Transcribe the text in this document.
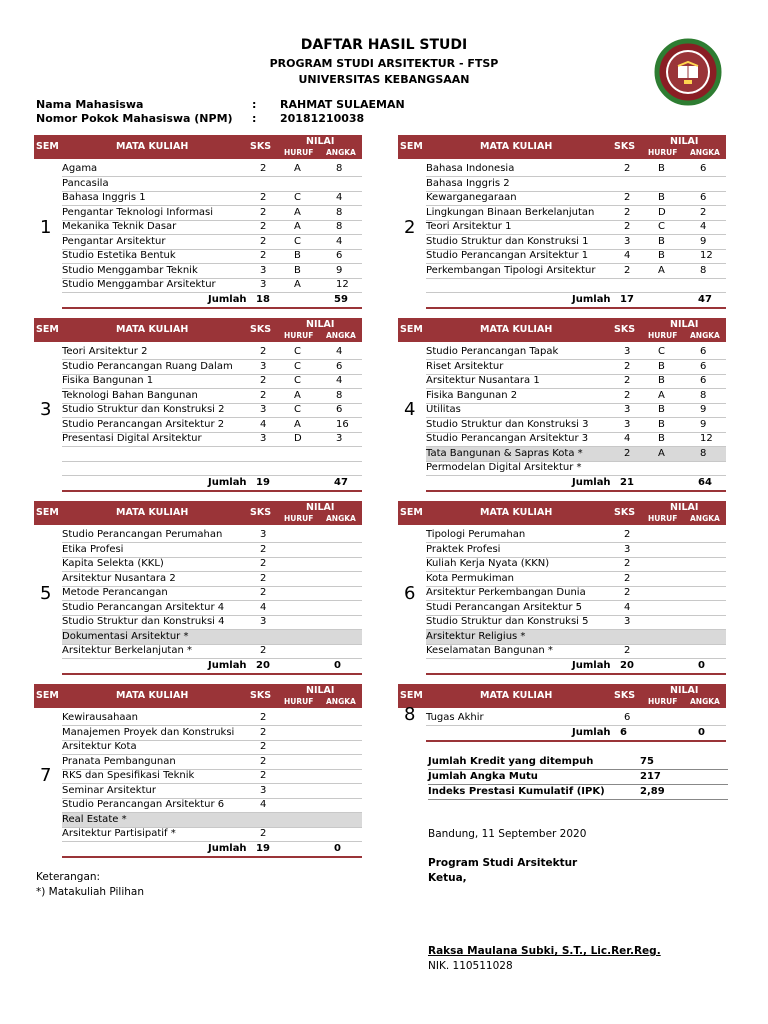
DAFTAR HASIL STUDI
PROGRAM STUDI ARSITEKTUR - FTSP
UNIVERSITAS KEBANGSAAN
Nama Mahasiswa	: RAHMAT SULAEMAN
Nomor Pokok Mahasiswa (NPM)	: 20181210038
SEM	MATA KULIAH	SKS	NILAI
HURUF ANGKA
1
Agama	2	A	8
Pancasila
Bahasa Inggris 1	2	C	4
Pengantar Teknologi Informasi	2	A	8
Mekanika Teknik Dasar	2	A	8
Pengantar Arsitektur	2	C	4
Studio Estetika Bentuk	2	B	6
Studio Menggambar Teknik	3	B	9
Studio Menggambar Arsitektur	3	A	12
Jumlah 18	59
SEM	MATA KULIAH	SKS	NILAI
HURUF ANGKA
2
Bahasa Indonesia	2	B	6
Bahasa Inggris 2
Kewarganegaraan	2	B	6
Lingkungan Binaan Berkelanjutan	2	D	2
Teori Arsitektur 1	2	C	4
Studio Struktur dan Konstruksi 1	3	B	9
Studio Perancangan Arsitektur 1	4	B	12
Perkembangan Tipologi Arsitektur	2	A	8
Jumlah 17	47
SEM	MATA KULIAH	SKS	NILAI
HURUF ANGKA
3
Teori Arsitektur 2	2	C	4
Studio Perancangan Ruang Dalam	3	C	6
Fisika Bangunan 1	2	C	4
Teknologi Bahan Bangunan	2	A	8
Studio Struktur dan Konstruksi 2	3	C	6
Studio Perancangan Arsitektur 2	4	A	16
Presentasi Digital Arsitektur	3	D	3
Jumlah 19	47
SEM	MATA KULIAH	SKS	NILAI
HURUF ANGKA
4
Studio Perancangan Tapak	3	C	6
Riset Arsitektur	2	B	6
Arsitektur Nusantara 1	2	B	6
Fisika Bangunan 2	2	A	8
Utilitas	3	B	9
Studio Struktur dan Konstruksi 3	3	B	9
Studio Perancangan Arsitektur 3	4	B	12
Tata Bangunan & Sapras Kota *	2	A	8
Permodelan Digital Arsitektur *
Jumlah 21	64
SEM	MATA KULIAH	SKS	NILAI
HURUF ANGKA
5
Studio Perancangan Perumahan	3
Etika Profesi	2
Kapita Selekta (KKL)	2
Arsitektur Nusantara 2	2
Metode Perancangan	2
Studio Perancangan Arsitektur 4	4
Studio Struktur dan Konstruksi 4	3
Dokumentasi Arsitektur *
Arsitektur Berkelanjutan *	2
Jumlah 20	0
SEM	MATA KULIAH	SKS	NILAI
HURUF ANGKA
6
Tipologi Perumahan	2
Praktek Profesi	3
Kuliah Kerja Nyata (KKN)	2
Kota Permukiman	2
Arsitektur Perkembangan Dunia	2
Studi Perancangan Arsitektur 5	4
Studio Struktur dan Konstruksi 5	3
Arsitektur Religius *
Keselamatan Bangunan *	2
Jumlah 20	0
SEM	MATA KULIAH	SKS	NILAI
HURUF ANGKA
7
Kewirausahaan	2
Manajemen Proyek dan Konstruksi	2
Arsitektur Kota	2
Pranata Pembangunan	2
RKS dan Spesifikasi Teknik	2
Seminar Arsitektur	3
Studio Perancangan Arsitektur 6	4
Real Estate *
Arsitektur Partisipatif *	2
Jumlah 19	0
SEM	MATA KULIAH	SKS	NILAI
HURUF ANGKA
8 Tugas Akhir	6
Jumlah 6	0
Jumlah Kredit yang ditempuh	75
Jumlah Angka Mutu	217
Indeks Prestasi Kumulatif (IPK)	2,89
Bandung, 11 September 2020
Program Studi Arsitektur
Ketua,
Raksa Maulana Subki, S.T., Lic.Rer.Reg.
NIK. 110511028
Keterangan:
*) Matakuliah Pilihan
